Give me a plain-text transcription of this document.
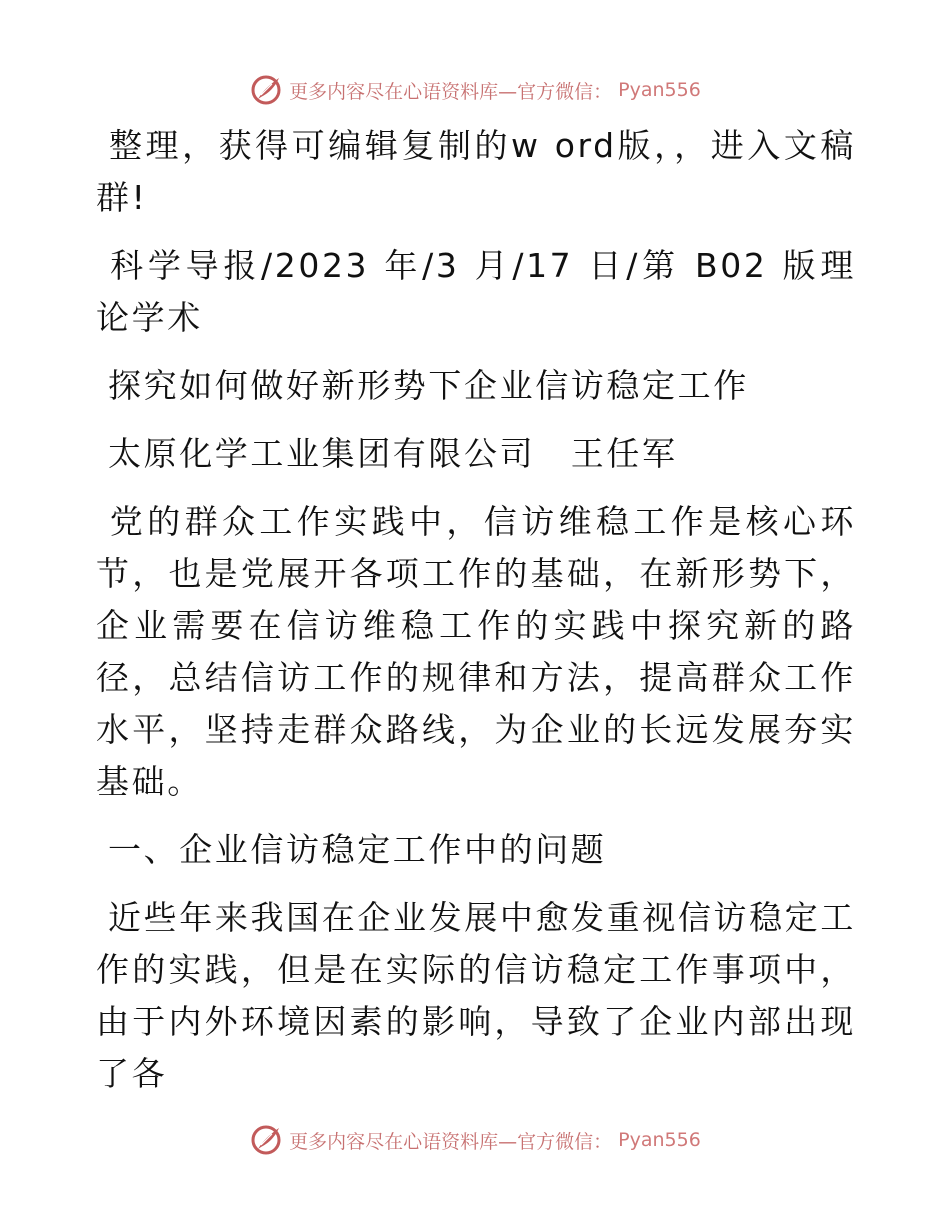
更多内容尽在心语资料库—官方微信： Pyan556

整理，获得可编辑复制的w ord版，，进入文稿群!

科学导报/2023 年/3 月/17 日/第 B02 版理论学术

探究如何做好新形势下企业信访稳定工作

太原化学工业集团有限公司　王任军

党的群众工作实践中，信访维稳工作是核心环节，也是党展开各项工作的基础，在新形势下，企业需要在信访维稳工作的实践中探究新的路径，总结信访工作的规律和方法，提高群众工作水平，坚持走群众路线，为企业的长远发展夯实基础。

一、企业信访稳定工作中的问题

近些年来我国在企业发展中愈发重视信访稳定工作的实践，但是在实际的信访稳定工作事项中，由于内外环境因素的影响，导致了企业内部出现了各

更多内容尽在心语资料库—官方微信： Pyan556
